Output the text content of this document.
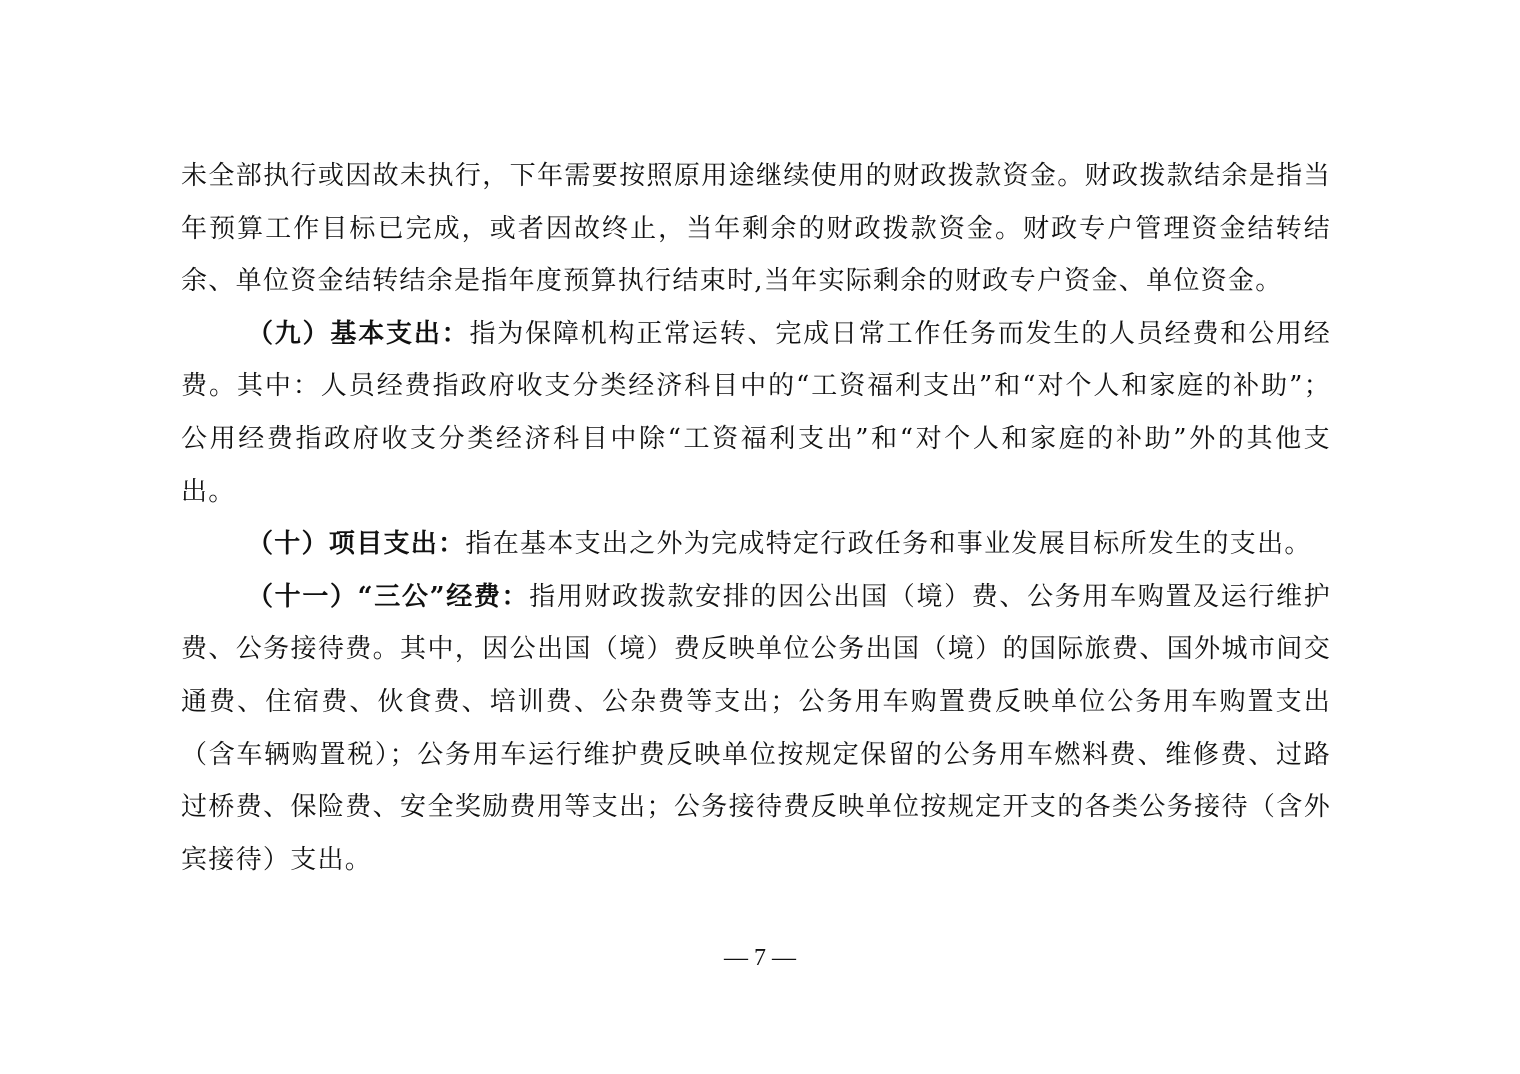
未全部执行或因故未执行，下年需要按照原用途继续使用的财政拨款资金。财政拨款结余是指当年预算工作目标已完成，或者因故终止，当年剩余的财政拨款资金。财政专户管理资金结转结余、单位资金结转结余是指年度预算执行结束时,当年实际剩余的财政专户资金、单位资金。

（九）基本支出：指为保障机构正常运转、完成日常工作任务而发生的人员经费和公用经费。其中：人员经费指政府收支分类经济科目中的“工资福利支出”和“对个人和家庭的补助”；公用经费指政府收支分类经济科目中除“工资福利支出”和“对个人和家庭的补助”外的其他支出。

（十）项目支出：指在基本支出之外为完成特定行政任务和事业发展目标所发生的支出。

（十一）“三公”经费：指用财政拨款安排的因公出国（境）费、公务用车购置及运行维护费、公务接待费。其中，因公出国（境）费反映单位公务出国（境）的国际旅费、国外城市间交通费、住宿费、伙食费、培训费、公杂费等支出；公务用车购置费反映单位公务用车购置支出（含车辆购置税）；公务用车运行维护费反映单位按规定保留的公务用车燃料费、维修费、过路过桥费、保险费、安全奖励费用等支出；公务接待费反映单位按规定开支的各类公务接待（含外宾接待）支出。

— 7 —
